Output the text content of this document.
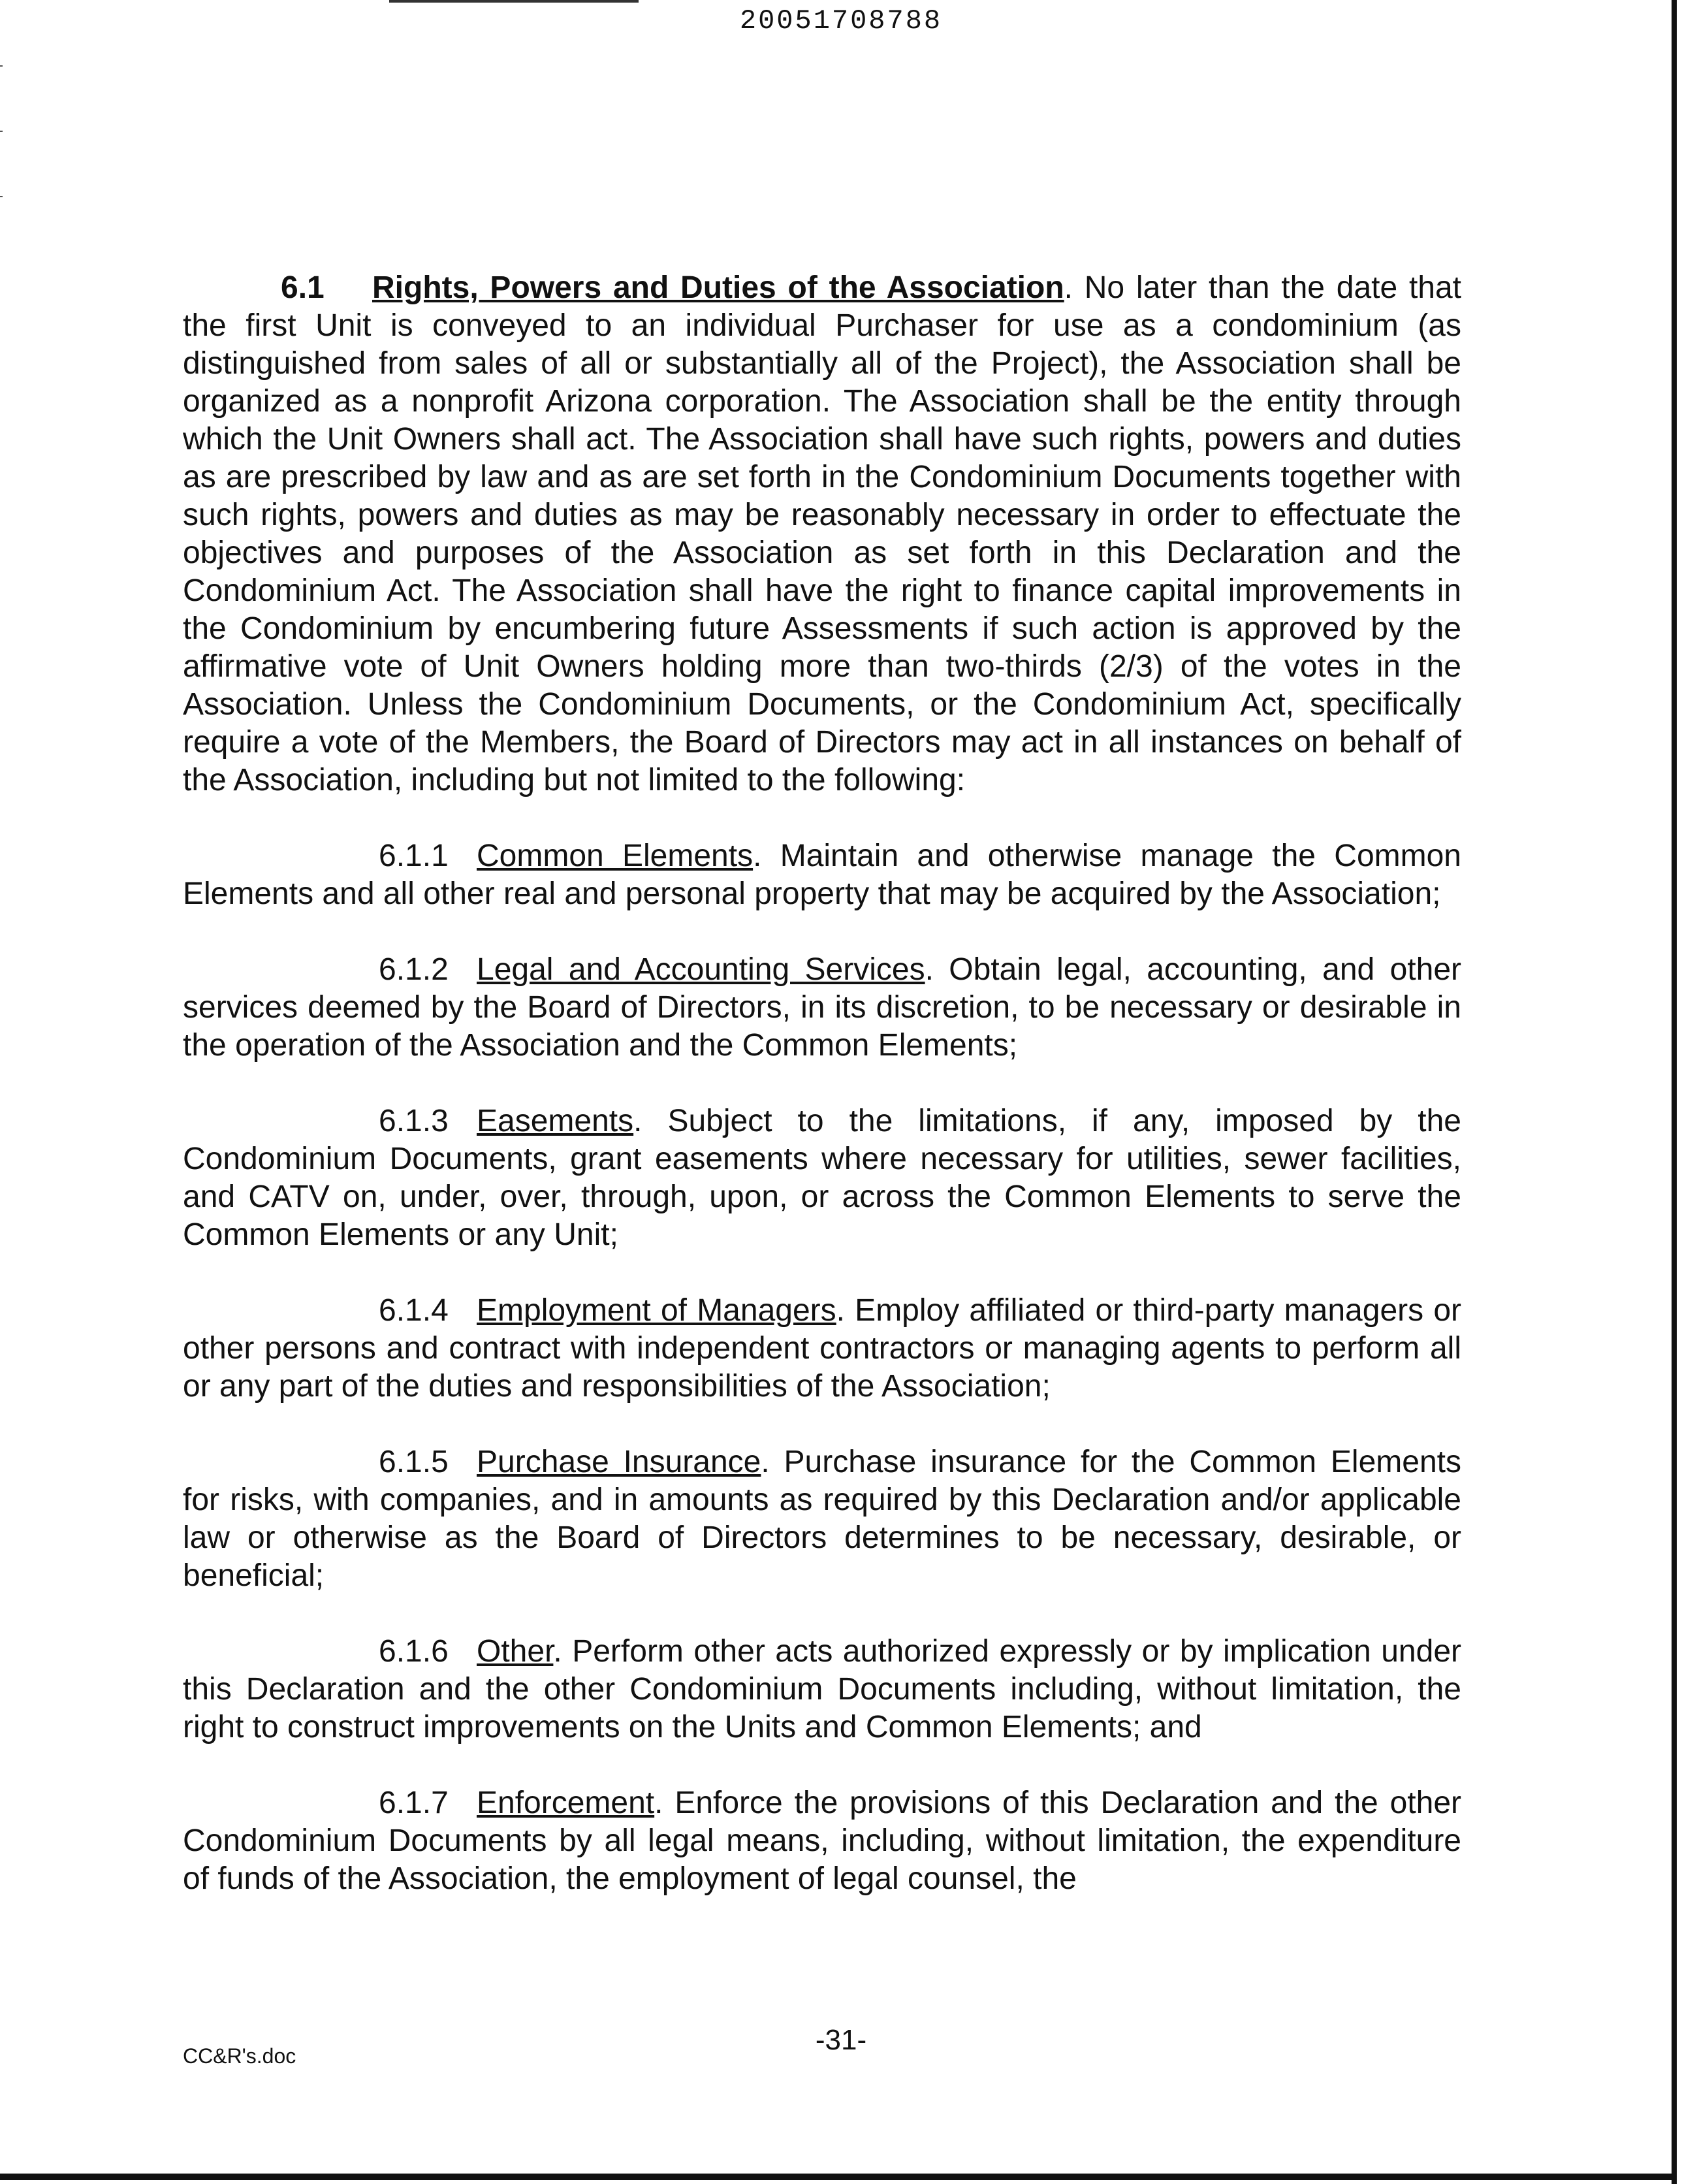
20051708788

6.1 Rights, Powers and Duties of the Association. No later than the date that the first Unit is conveyed to an individual Purchaser for use as a condominium (as distinguished from sales of all or substantially all of the Project), the Association shall be organized as a nonprofit Arizona corporation. The Association shall be the entity through which the Unit Owners shall act. The Association shall have such rights, powers and duties as are prescribed by law and as are set forth in the Condominium Documents together with such rights, powers and duties as may be reasonably necessary in order to effectuate the objectives and purposes of the Association as set forth in this Declaration and the Condominium Act. The Association shall have the right to finance capital improvements in the Condominium by encumbering future Assessments if such action is approved by the affirmative vote of Unit Owners holding more than two-thirds (2/3) of the votes in the Association. Unless the Condominium Documents, or the Condominium Act, specifically require a vote of the Members, the Board of Directors may act in all instances on behalf of the Association, including but not limited to the following:

6.1.1 Common Elements. Maintain and otherwise manage the Common Elements and all other real and personal property that may be acquired by the Association;

6.1.2 Legal and Accounting Services. Obtain legal, accounting, and other services deemed by the Board of Directors, in its discretion, to be necessary or desirable in the operation of the Association and the Common Elements;

6.1.3 Easements. Subject to the limitations, if any, imposed by the Condominium Documents, grant easements where necessary for utilities, sewer facilities, and CATV on, under, over, through, upon, or across the Common Elements to serve the Common Elements or any Unit;

6.1.4 Employment of Managers. Employ affiliated or third-party managers or other persons and contract with independent contractors or managing agents to perform all or any part of the duties and responsibilities of the Association;

6.1.5 Purchase Insurance. Purchase insurance for the Common Elements for risks, with companies, and in amounts as required by this Declaration and/or applicable law or otherwise as the Board of Directors determines to be necessary, desirable, or beneficial;

6.1.6 Other. Perform other acts authorized expressly or by implication under this Declaration and the other Condominium Documents including, without limitation, the right to construct improvements on the Units and Common Elements; and

6.1.7 Enforcement. Enforce the provisions of this Declaration and the other Condominium Documents by all legal means, including, without limitation, the expenditure of funds of the Association, the employment of legal counsel, the

-31-
CC&R's.doc
